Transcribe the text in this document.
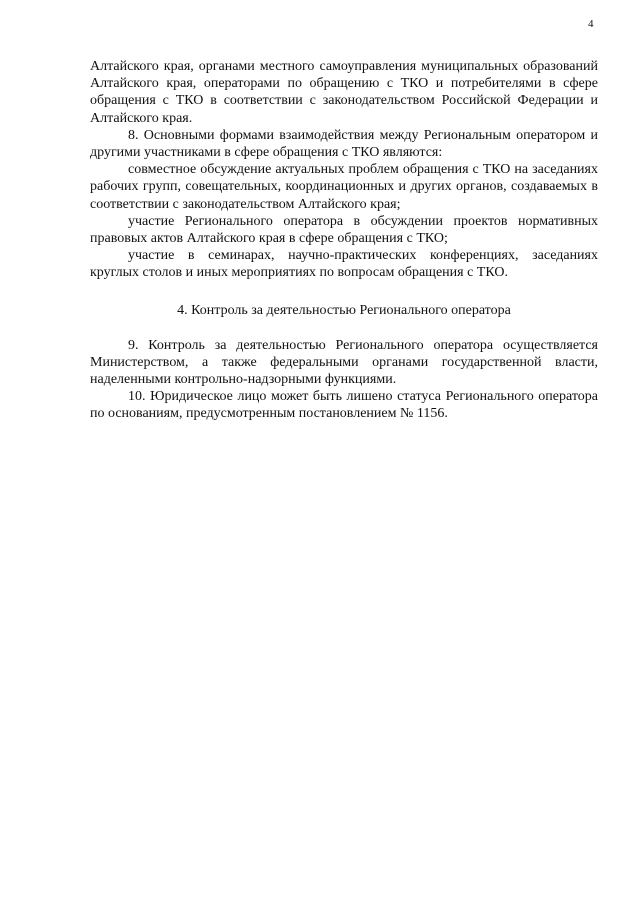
4

Алтайского края, органами местного самоуправления муниципальных образований Алтайского края, операторами по обращению с ТКО и потребителями в сфере обращения с ТКО в соответствии с законодательством Российской Федерации и Алтайского края.

8. Основными формами взаимодействия между Региональным оператором и другими участниками в сфере обращения с ТКО являются:

совместное обсуждение актуальных проблем обращения с ТКО на заседаниях рабочих групп, совещательных, координационных и других органов, создаваемых в соответствии с законодательством Алтайского края;

участие Регионального оператора в обсуждении проектов нормативных правовых актов Алтайского края в сфере обращения с ТКО;

участие в семинарах, научно-практических конференциях, заседаниях круглых столов и иных мероприятиях по вопросам обращения с ТКО.

4. Контроль за деятельностью Регионального оператора

9. Контроль за деятельностью Регионального оператора осуществляется Министерством, а также федеральными органами государственной власти, наделенными контрольно-надзорными функциями.

10. Юридическое лицо может быть лишено статуса Регионального оператора по основаниям, предусмотренным постановлением № 1156.
